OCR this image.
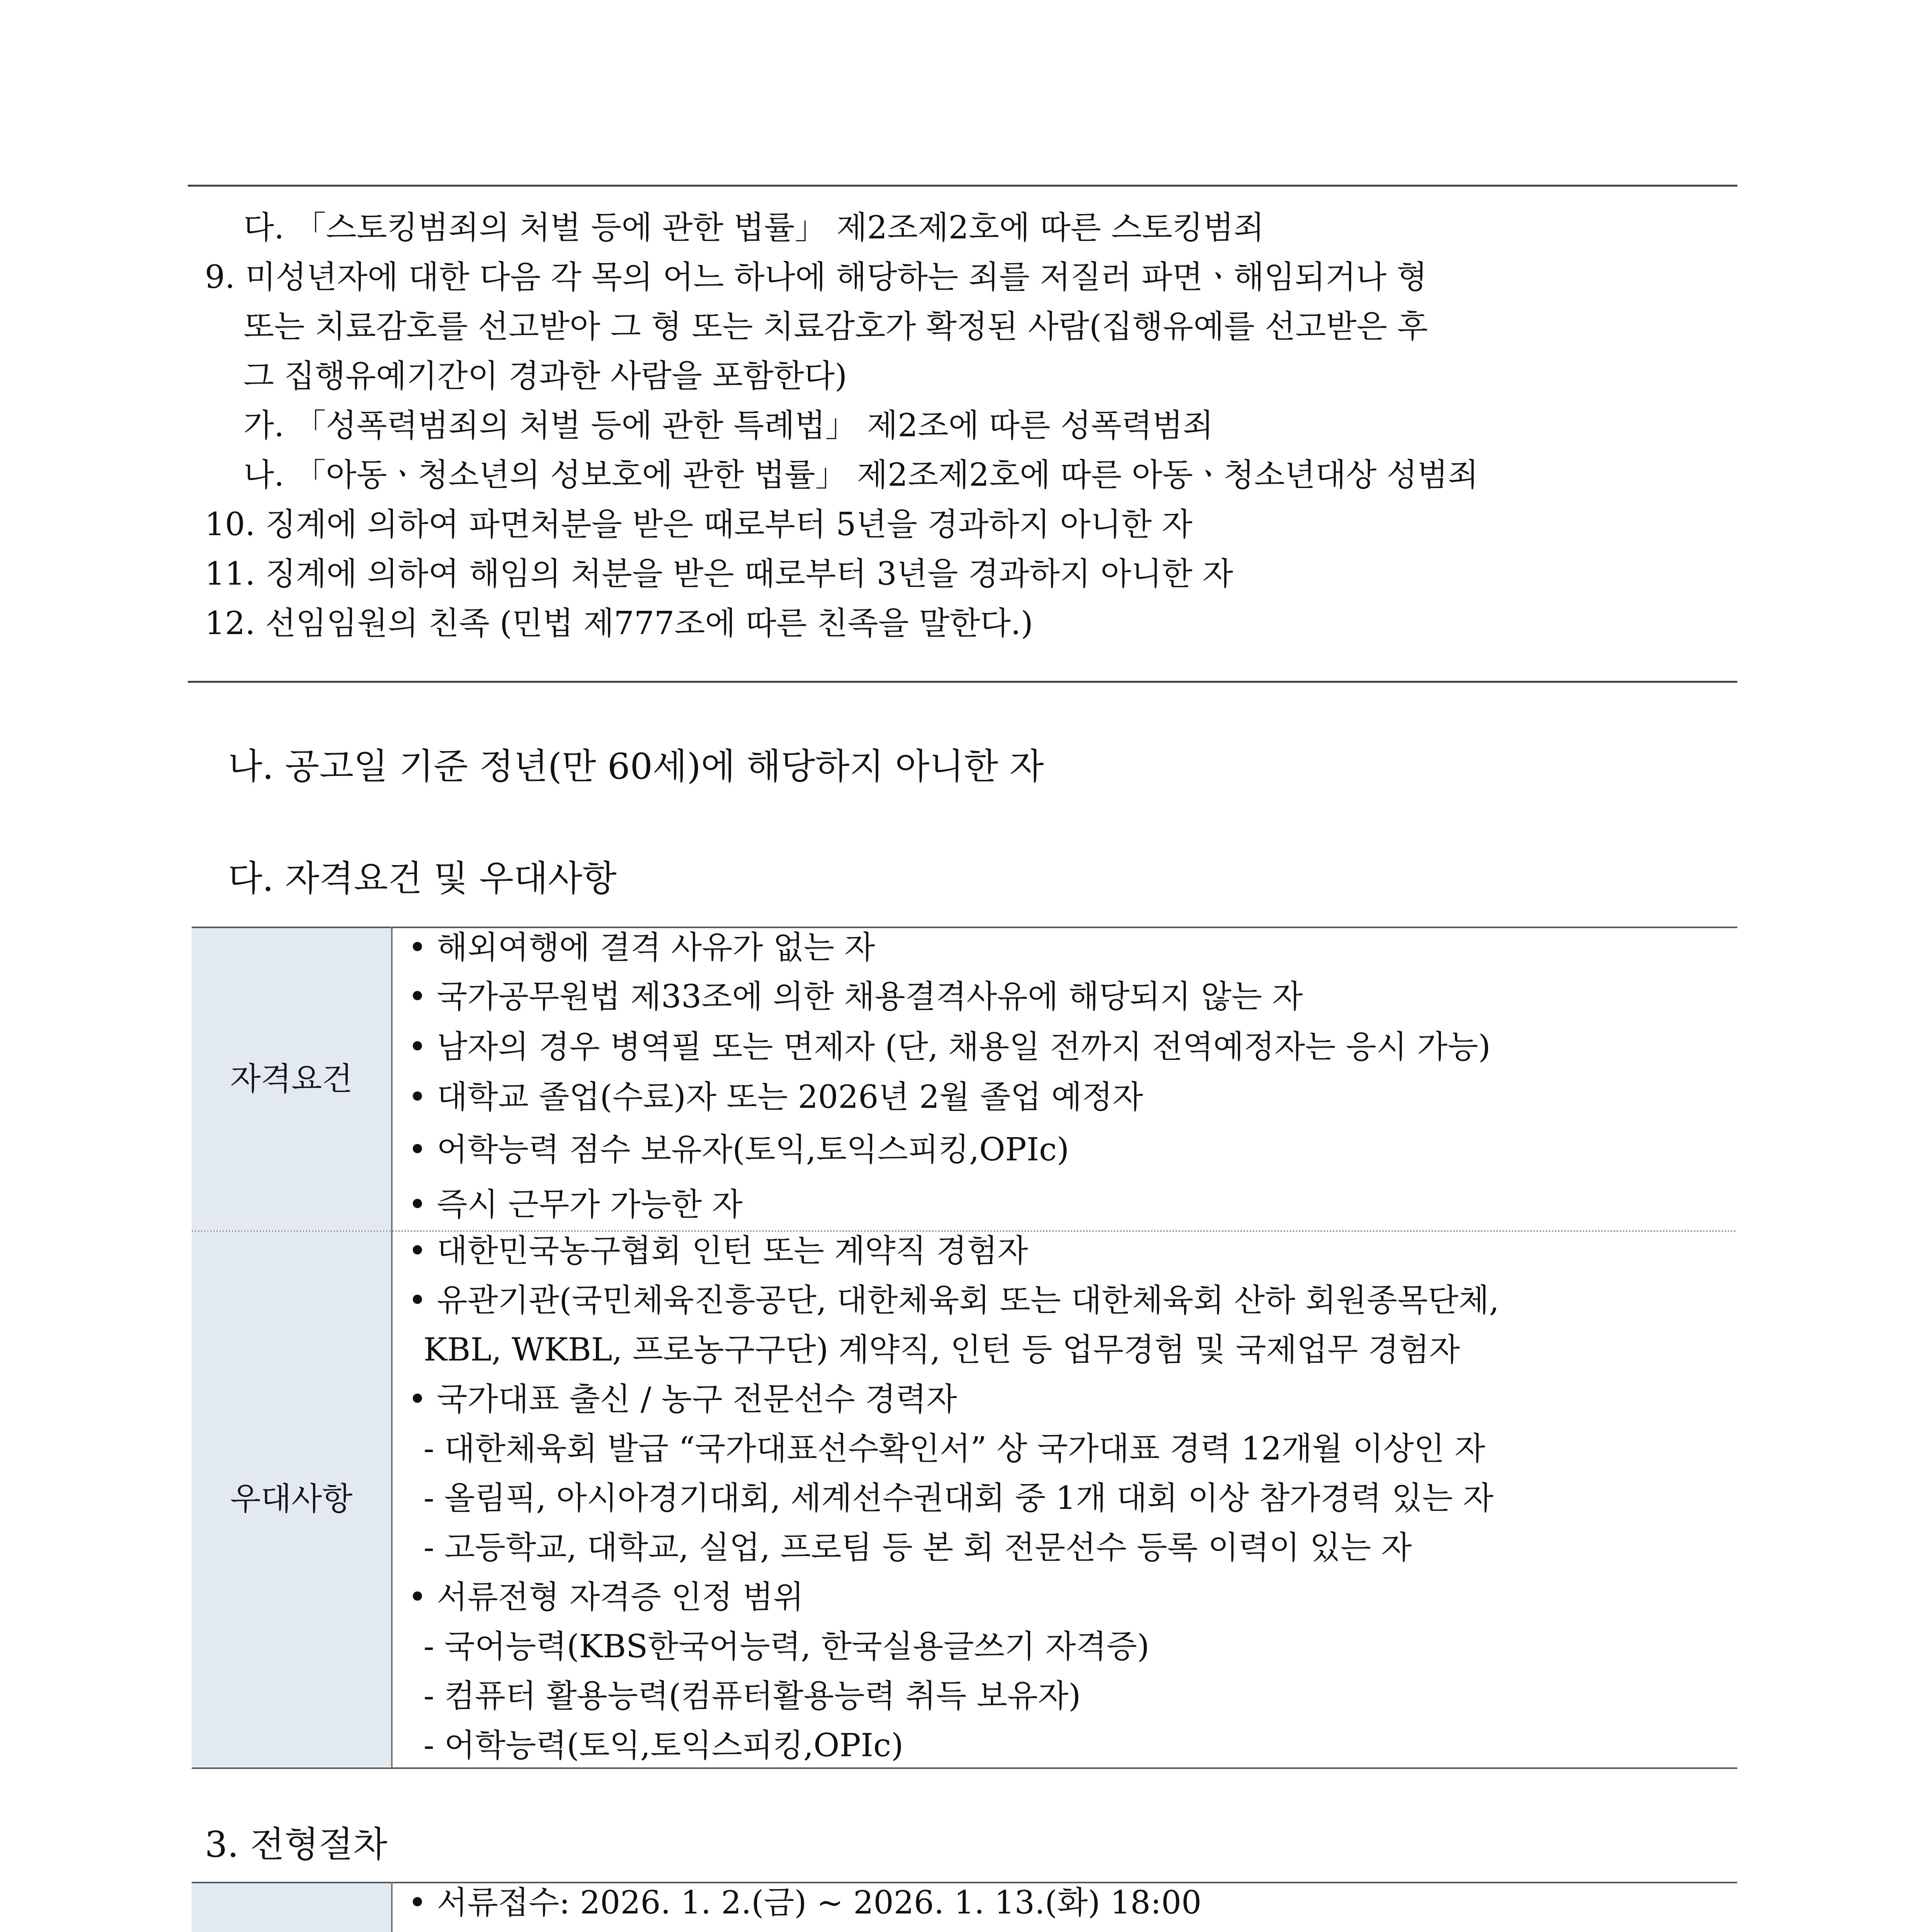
다. 「스토킹범죄의 처벌 등에 관한 법률」 제2조제2호에 따른 스토킹범죄
9. 미성년자에 대한 다음 각 목의 어느 하나에 해당하는 죄를 저질러 파면ㆍ해임되거나 형
또는 치료감호를 선고받아 그 형 또는 치료감호가 확정된 사람(집행유예를 선고받은 후
그 집행유예기간이 경과한 사람을 포함한다)
가. 「성폭력범죄의 처벌 등에 관한 특례법」 제2조에 따른 성폭력범죄
나. 「아동ㆍ청소년의 성보호에 관한 법률」 제2조제2호에 따른 아동ㆍ청소년대상 성범죄
10. 징계에 의하여 파면처분을 받은 때로부터 5년을 경과하지 아니한 자
11. 징계에 의하여 해임의 처분을 받은 때로부터 3년을 경과하지 아니한 자
12. 선임임원의 친족 (민법 제777조에 따른 친족을 말한다.)
나. 공고일 기준 정년(만 60세)에 해당하지 아니한 자
다. 자격요건 및 우대사항
자격요건
우대사항
• 해외여행에 결격 사유가 없는 자
• 국가공무원법 제33조에 의한 채용결격사유에 해당되지 않는 자
• 남자의 경우 병역필 또는 면제자 (단, 채용일 전까지 전역예정자는 응시 가능)
• 대학교 졸업(수료)자 또는 2026년 2월 졸업 예정자
• 어학능력 점수 보유자(토익,토익스피킹,OPIc)
• 즉시 근무가 가능한 자
• 대한민국농구협회 인턴 또는 계약직 경험자
• 유관기관(국민체육진흥공단, 대한체육회 또는 대한체육회 산하 회원종목단체,
KBL, WKBL, 프로농구구단) 계약직, 인턴 등 업무경험 및 국제업무 경험자
• 국가대표 출신 / 농구 전문선수 경력자
- 대한체육회 발급 “국가대표선수확인서” 상 국가대표 경력 12개월 이상인 자
- 올림픽, 아시아경기대회, 세계선수권대회 중 1개 대회 이상 참가경력 있는 자
- 고등학교, 대학교, 실업, 프로팀 등 본 회 전문선수 등록 이력이 있는 자
• 서류전형 자격증 인정 범위
- 국어능력(KBS한국어능력, 한국실용글쓰기 자격증)
- 컴퓨터 활용능력(컴퓨터활용능력 취득 보유자)
- 어학능력(토익,토익스피킹,OPIc)
3. 전형절차
• 서류접수: 2026. 1. 2.(금) ~ 2026. 1. 13.(화) 18:00
